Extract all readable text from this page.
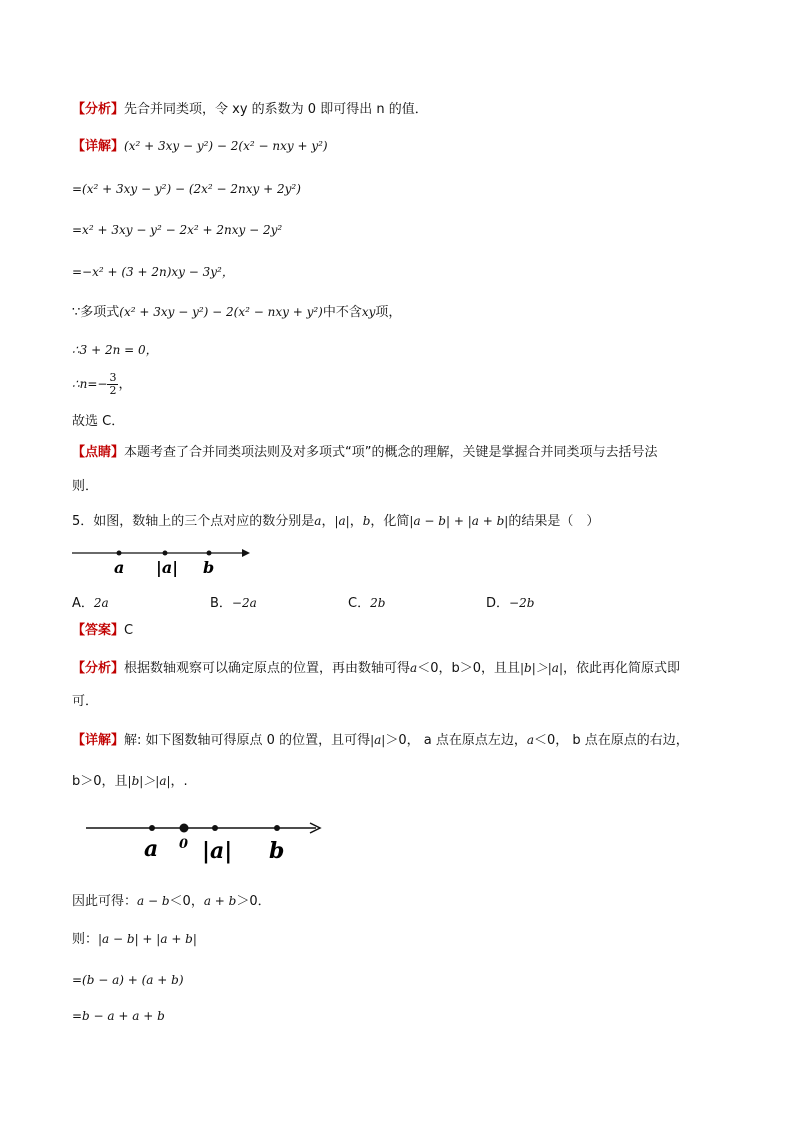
【分析】先合并同类项，令 xy 的系数为 0 即可得出 n 的值．
【详解】(x² + 3xy − y²) − 2(x² − nxy + y²)
=(x² + 3xy − y²) − (2x² − 2nxy + 2y²)
=x² + 3xy − y² − 2x² + 2nxy − 2y²
=−x² + (3 + 2n)xy − 3y²，
∵多项式(x² + 3xy − y²) − 2(x² − nxy + y²)中不含xy项，
∴3 + 2n = 0，
∴n=− $\frac{3}{2}$ ，
故选 C．
【点睛】本题考查了合并同类项法则及对多项式“项”的概念的理解，关键是掌握合并同类项与去括号法
则．
5．如图，数轴上的三个点对应的数分别是a，|a|，b，化简|a − b| + |a + b|的结果是（　）
a |a| b
A．2a	B．−2a	C．2b	D．−2b
【答案】C
【分析】根据数轴观察可以确定原点的位置，再由数轴可得a＜0，b＞0，且且|b|＞|a|，依此再化简原式即
可．
【详解】解: 如下图数轴可得原点 0 的位置，且可得|a|＞0， a 点在原点左边，a＜0， b 点在原点的右边，
b＞0，且|b|＞|a|，.
a 0 |a| b
因此可得：a − b＜0，a + b＞0．
则：|a − b| + |a + b|
=(b − a) + (a + b)
=b − a + a + b
